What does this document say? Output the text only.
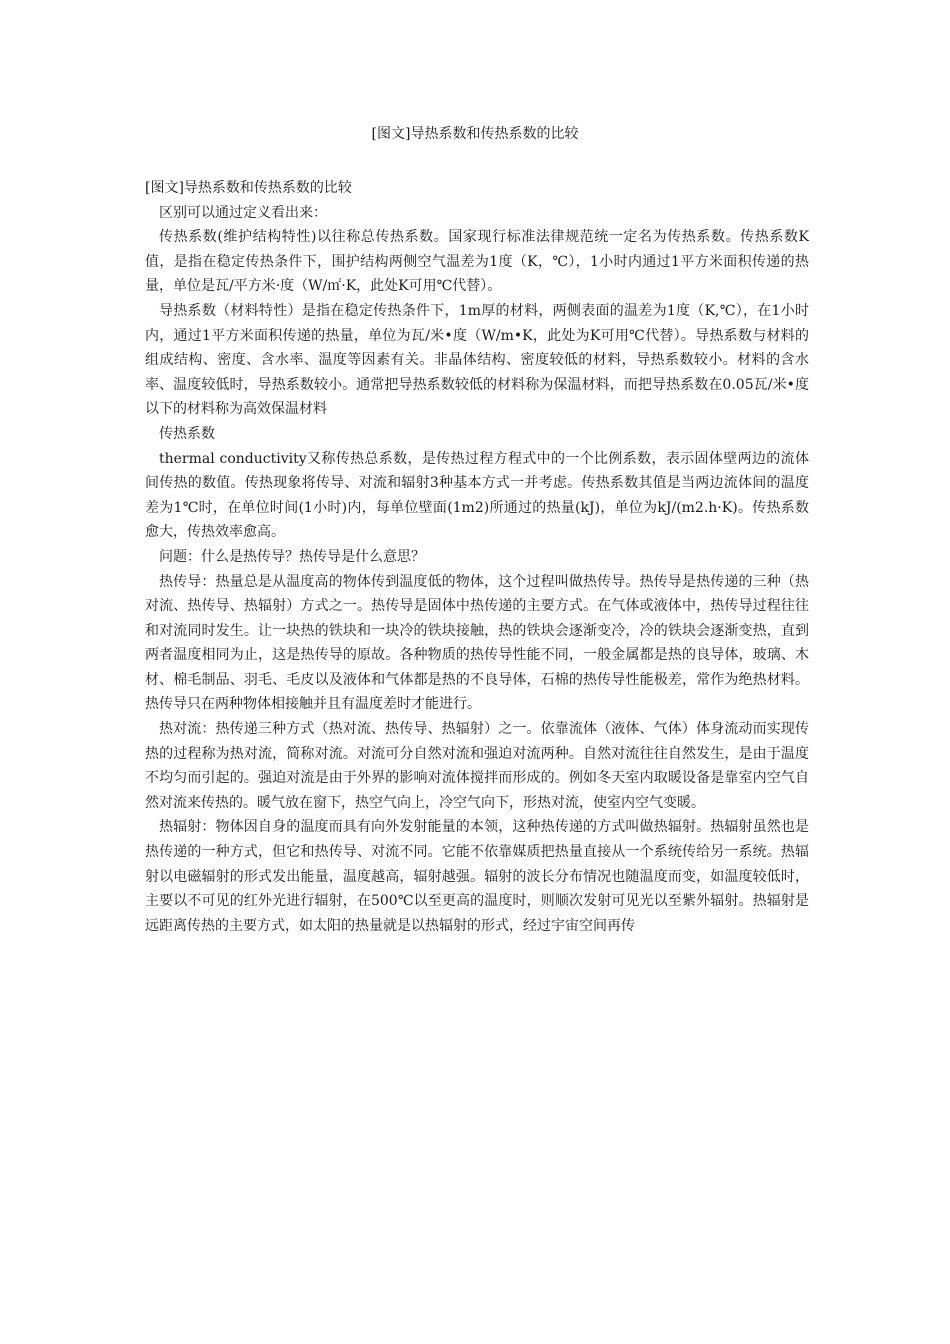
[图文]导热系数和传热系数的比较

[图文]导热系数和传热系数的比较

区别可以通过定义看出来：

传热系数(维护结构特性)以往称总传热系数。国家现行标准法律规范统一定名为传热系数。传热系数K值，是指在稳定传热条件下，围护结构两侧空气温差为1度（K，℃），1小时内通过1平方米面积传递的热量，单位是瓦/平方米·度（W/㎡·K，此处K可用℃代替）。

导热系数（材料特性）是指在稳定传热条件下，1m厚的材料，两侧表面的温差为1度（K,℃），在1小时内，通过1平方米面积传递的热量，单位为瓦/米•度（W/m•K，此处为K可用℃代替）。导热系数与材料的组成结构、密度、含水率、温度等因素有关。非晶体结构、密度较低的材料，导热系数较小。材料的含水率、温度较低时，导热系数较小。通常把导热系数较低的材料称为保温材料，而把导热系数在0.05瓦/米•度以下的材料称为高效保温材料

传热系数

thermal conductivity又称传热总系数，是传热过程方程式中的一个比例系数，表示固体壁两边的流体间传热的数值。传热现象将传导、对流和辐射3种基本方式一并考虑。传热系数其值是当两边流体间的温度差为1℃时，在单位时间(1小时)内，每单位壁面(1m2)所通过的热量(kJ)，单位为kJ/(m2.h·K)。传热系数愈大，传热效率愈高。

问题：什么是热传导？热传导是什么意思？

热传导：热量总是从温度高的物体传到温度低的物体，这个过程叫做热传导。热传导是热传递的三种（热对流、热传导、热辐射）方式之一。热传导是固体中热传递的主要方式。在气体或液体中，热传导过程往往和对流同时发生。让一块热的铁块和一块冷的铁块接触，热的铁块会逐渐变冷，冷的铁块会逐渐变热，直到两者温度相同为止，这是热传导的原故。各种物质的热传导性能不同，一般金属都是热的良导体，玻璃、木材、棉毛制品、羽毛、毛皮以及液体和气体都是热的不良导体，石棉的热传导性能极差，常作为绝热材料。 热传导只在两种物体相接触并且有温度差时才能进行。

热对流：热传递三种方式（热对流、热传导、热辐射）之一。依靠流体（液体、气体）体身流动而实现传热的过程称为热对流，简称对流。对流可分自然对流和强迫对流两种。自然对流往往自然发生，是由于温度不均匀而引起的。强迫对流是由于外界的影响对流体搅拌而形成的。例如冬天室内取暖设备是靠室内空气自然对流来传热的。暖气放在窗下，热空气向上，冷空气向下，形热对流，使室内空气变暖。

热辐射：物体因自身的温度而具有向外发射能量的本领，这种热传递的方式叫做热辐射。热辐射虽然也是热传递的一种方式，但它和热传导、对流不同。它能不依靠媒质把热量直接从一个系统传给另一系统。热辐射以电磁辐射的形式发出能量，温度越高，辐射越强。辐射的波长分布情况也随温度而变，如温度较低时，主要以不可见的红外光进行辐射，在500℃以至更高的温度时，则顺次发射可见光以至紫外辐射。热辐射是远距离传热的主要方式，如太阳的热量就是以热辐射的形式，经过宇宙空间再传
